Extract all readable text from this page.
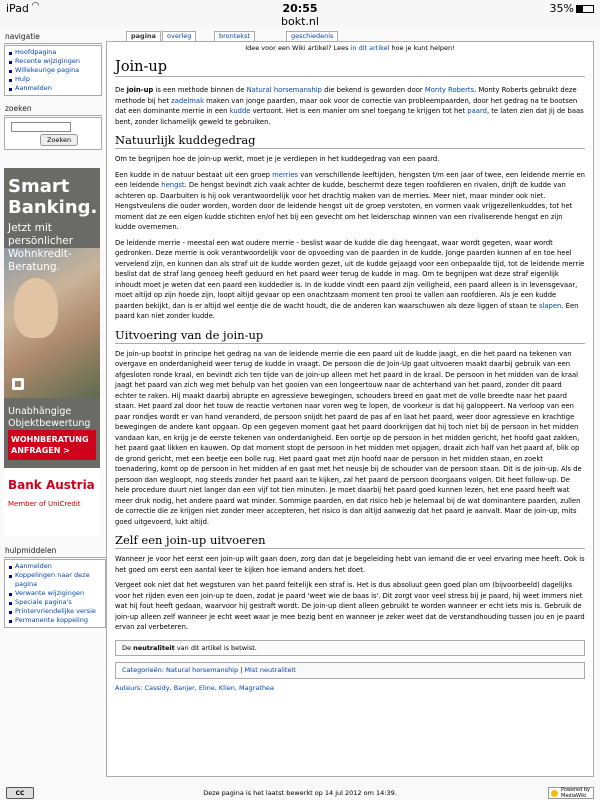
iPad ◜◝	20:55
bokt.nl
35%
navigatie
Hoofdpagina
Recente wijzigingen
Willekeurige pagina
Hulp
Aanmelden
zoeken
Zoeken
Smart
Banking.
Jetzt mit persönlicher Wohnkredit-Beratung.
Unabhängige Objektbewertung
WOHNBERATUNG ANFRAGEN >
Bank Austria
Member of UniCredit
hulpmiddelen
Aanmelden
Koppelingen naar deze pagina
Verwante wijzigingen
Speciale pagina's
Printervriendelijke versie
Permanente koppeling
pagina	overleg	brontekst	geschiedenis
Idee voor een Wiki artikel? Lees in dit artikel hoe je kunt helpen!
Join-up

De join-up is een methode binnen de Natural horsemanship die bekend is geworden door Monty Roberts. Monty Roberts gebruikt deze methode bij het zadelmak maken van jonge paarden, maar ook voor de correctie van probleempaarden, door het gedrag na te bootsen dat een dominante merrie in een kudde vertoont. Het is een manier om snel toegang te krijgen tot het paard, te laten zien dat jij de baas bent, zonder lichamelijk geweld te gebruiken.

Natuurlijk kuddegedrag

Om te begrijpen hoe de join-up werkt, moet je je verdiepen in het kuddegedrag van een paard.

Een kudde in de natuur bestaat uit een groep merries van verschillende leeftijden, hengsten t/m een jaar of twee, een leidende merrie en een leidende hengst. De hengst bevindt zich vaak achter de kudde, beschermt deze tegen roofdieren en rivalen, drijft de kudde van achteren op. Daarbuiten is hij ook verantwoordelijk voor het drachtig maken van de merries. Meer niet, maar minder ook niet. Hengstveulens die ouder worden, worden door de leidende hengst uit de groep verstoten, en vormen vaak vrijgezellenkuddes, tot het moment dat ze een eigen kudde stichten en/of het bij een gevecht om het leiderschap winnen van een rivaliserende hengst en zijn kudde overnemen.

De leidende merrie - meestal een wat oudere merrie - beslist waar de kudde die dag heengaat, waar wordt gegeten, waar wordt gedronken. Deze merrie is ook verantwoordelijk voor de opvoeding van de paarden in de kudde. Jonge paarden kunnen af en toe heel vervelend zijn, en kunnen dan als straf uit de kudde worden gezet, uit de kudde gejaagd voor een onbepaalde tijd, tot de leidende merrie beslist dat de straf lang genoeg heeft geduurd en het paard weer terug de kudde in mag. Om te begrijpen wat deze straf eigenlijk inhoudt moet je weten dat een paard een kuddedier is. In de kudde vindt een paard zijn veiligheid, een paard alleen is in levensgevaar, moet altijd op zijn hoede zijn, loopt altijd gevaar op een onachtzaam moment ten prooi te vallen aan roofdieren. Als je een kudde paarden bekijkt, dan is er altijd wel eentje die de wacht houdt, die de anderen kan waarschuwen als deze liggen of staan te slapen. Een paard kan niet zonder kudde.

Uitvoering van de join-up

De join-up bootst in principe het gedrag na van de leidende merrie die een paard uit de kudde jaagt, en die het paard na tekenen van overgave en onderdanigheid weer terug de kudde in vraagt. De persoon die de Join-Up gaat uitvoeren maakt daarbij gebruik van een afgesloten ronde kraal, en bevindt zich ten tijde van de join-up alleen met het paard in de kraal. De persoon in het midden van de kraal jaagt het paard van zich weg met behulp van het gooien van een longeertouw naar de achterhand van het paard, zonder dit paard echter te raken. Hij maakt daarbij abrupte en agressieve bewegingen, schouders breed en gaat met de volle breedte naar het paard staan. Het paard zal door het touw de reactie vertonen naar voren weg te lopen, de voorkeur is dat hij galoppeert. Na verloop van een paar rondjes wordt er van hand veranderd, de persoon snijdt het paard de pas af en laat het paard, weer door agressieve en krachtige bewegingen de andere kant opgaan. Op een gegeven moment gaat het paard doorkrijgen dat hij toch niet bij de persoon in het midden vandaan kan, en krijg je de eerste tekenen van onderdanigheid. Een oortje op de persoon in het midden gericht, het hoofd gaat zakken, het paard gaat likken en kauwen. Op dat moment stopt de persoon in het midden met opjagen, draait zich half van het paard af, blik op de grond gericht, met een beetje een bolle rug. Het paard gaat met zijn hoofd naar de persoon in het midden staan, en zoekt toenadering, komt op de persoon in het midden af en gaat met het neusje bij de schouder van de persoon staan. Dit is de join-up. Als de persoon dan wegloopt, nog steeds zonder het paard aan te kijken, zal het paard de persoon doorgaans volgen. Dit heet follow-up. De hele procedure duurt niet langer dan een vijf tot tien minuten. Je moet daarbij het paard goed kunnen lezen, het ene paard heeft wat meer druk nodig, het andere paard wat minder. Sommige paarden, en dat risico heb je helemaal bij de wat dominantere paarden, zullen de correctie die ze krijgen niet zonder meer accepteren, het risico is dan altijd aanwezig dat het paard je aanvalt. Maar de join-up, mits goed uitgevoerd, lukt altijd.

Zelf een join-up uitvoeren

Wanneer je voor het eerst een join-up wilt gaan doen, zorg dan dat je begeleiding hebt van iemand die er veel ervaring mee heeft. Ook is het goed om eerst een aantal keer te kijken hoe iemand anders het doet.

Vergeet ook niet dat het wegsturen van het paard feitelijk een straf is. Het is dus absoluut geen goed plan om (bijvoorbeeld) dagelijks voor het rijden even een join-up te doen, zodat je paard 'weet wie de baas is'. Dit zorgt voor veel stress bij je paard, hij weet immers niet wat hij fout heeft gedaan, waarvoor hij gestraft wordt. De join-up dient alleen gebruikt te worden wanneer er echt iets mis is. Gebruik de join-up alleen zelf wanneer je echt weet waar je mee bezig bent en wanneer je zeker weet dat de verstandhouding tussen jou en je paard ervan zal verbeteren.

De neutraliteit van dit artikel is betwist.
Categorieën: Natural horsemanship | Mist neutraliteit
Auteurs: Cassidy, Banjer, Eline, Klien, Magrathea
CC	Deze pagina is het laatst bewerkt op 14 jul 2012 om 14:39.	Powered by MediaWiki
